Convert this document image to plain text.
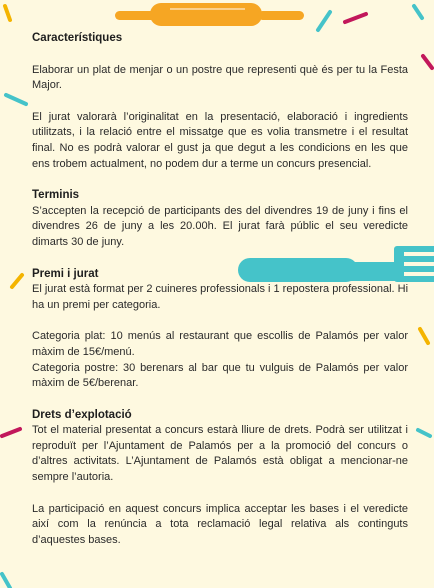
Característiques

Elaborar un plat de menjar o un postre que representi què és per tu la Festa Major.

El jurat valorarà l’originalitat en la presentació, elaboració i ingredients utilitzats, i la relació entre el missatge que es volia transmetre i el resultat final. No es podrà valorar el gust ja que degut a les condicions en les que ens trobem actualment, no podem dur a terme un concurs presencial.

Terminis

S’accepten la recepció de participants des del divendres 19 de juny i fins el divendres 26 de juny a les 20.00h. El jurat farà públic el seu veredicte dimarts 30 de juny.

Premi i jurat

El jurat està format per 2 cuineres professionals i 1 repostera professional. Hi ha un premi per categoria.

Categoria plat: 10 menús al restaurant que escollis de Palamós per valor màxim de 15€/menú.

Categoria postre: 30 berenars al bar que tu vulguis de Palamós per valor màxim de 5€/berenar.

Drets d’explotació

Tot el material presentat a concurs estarà lliure de drets. Podrà ser utilitzat i reproduït per l’Ajuntament de Palamós per a la promoció del concurs o d’altres activitats. L’Ajuntament de Palamós està obligat a mencionar-ne sempre l’autoria.

La participació en aquest concurs implica acceptar les bases i el veredicte així com la renúncia a tota reclamació legal relativa als continguts d’aquestes bases.
